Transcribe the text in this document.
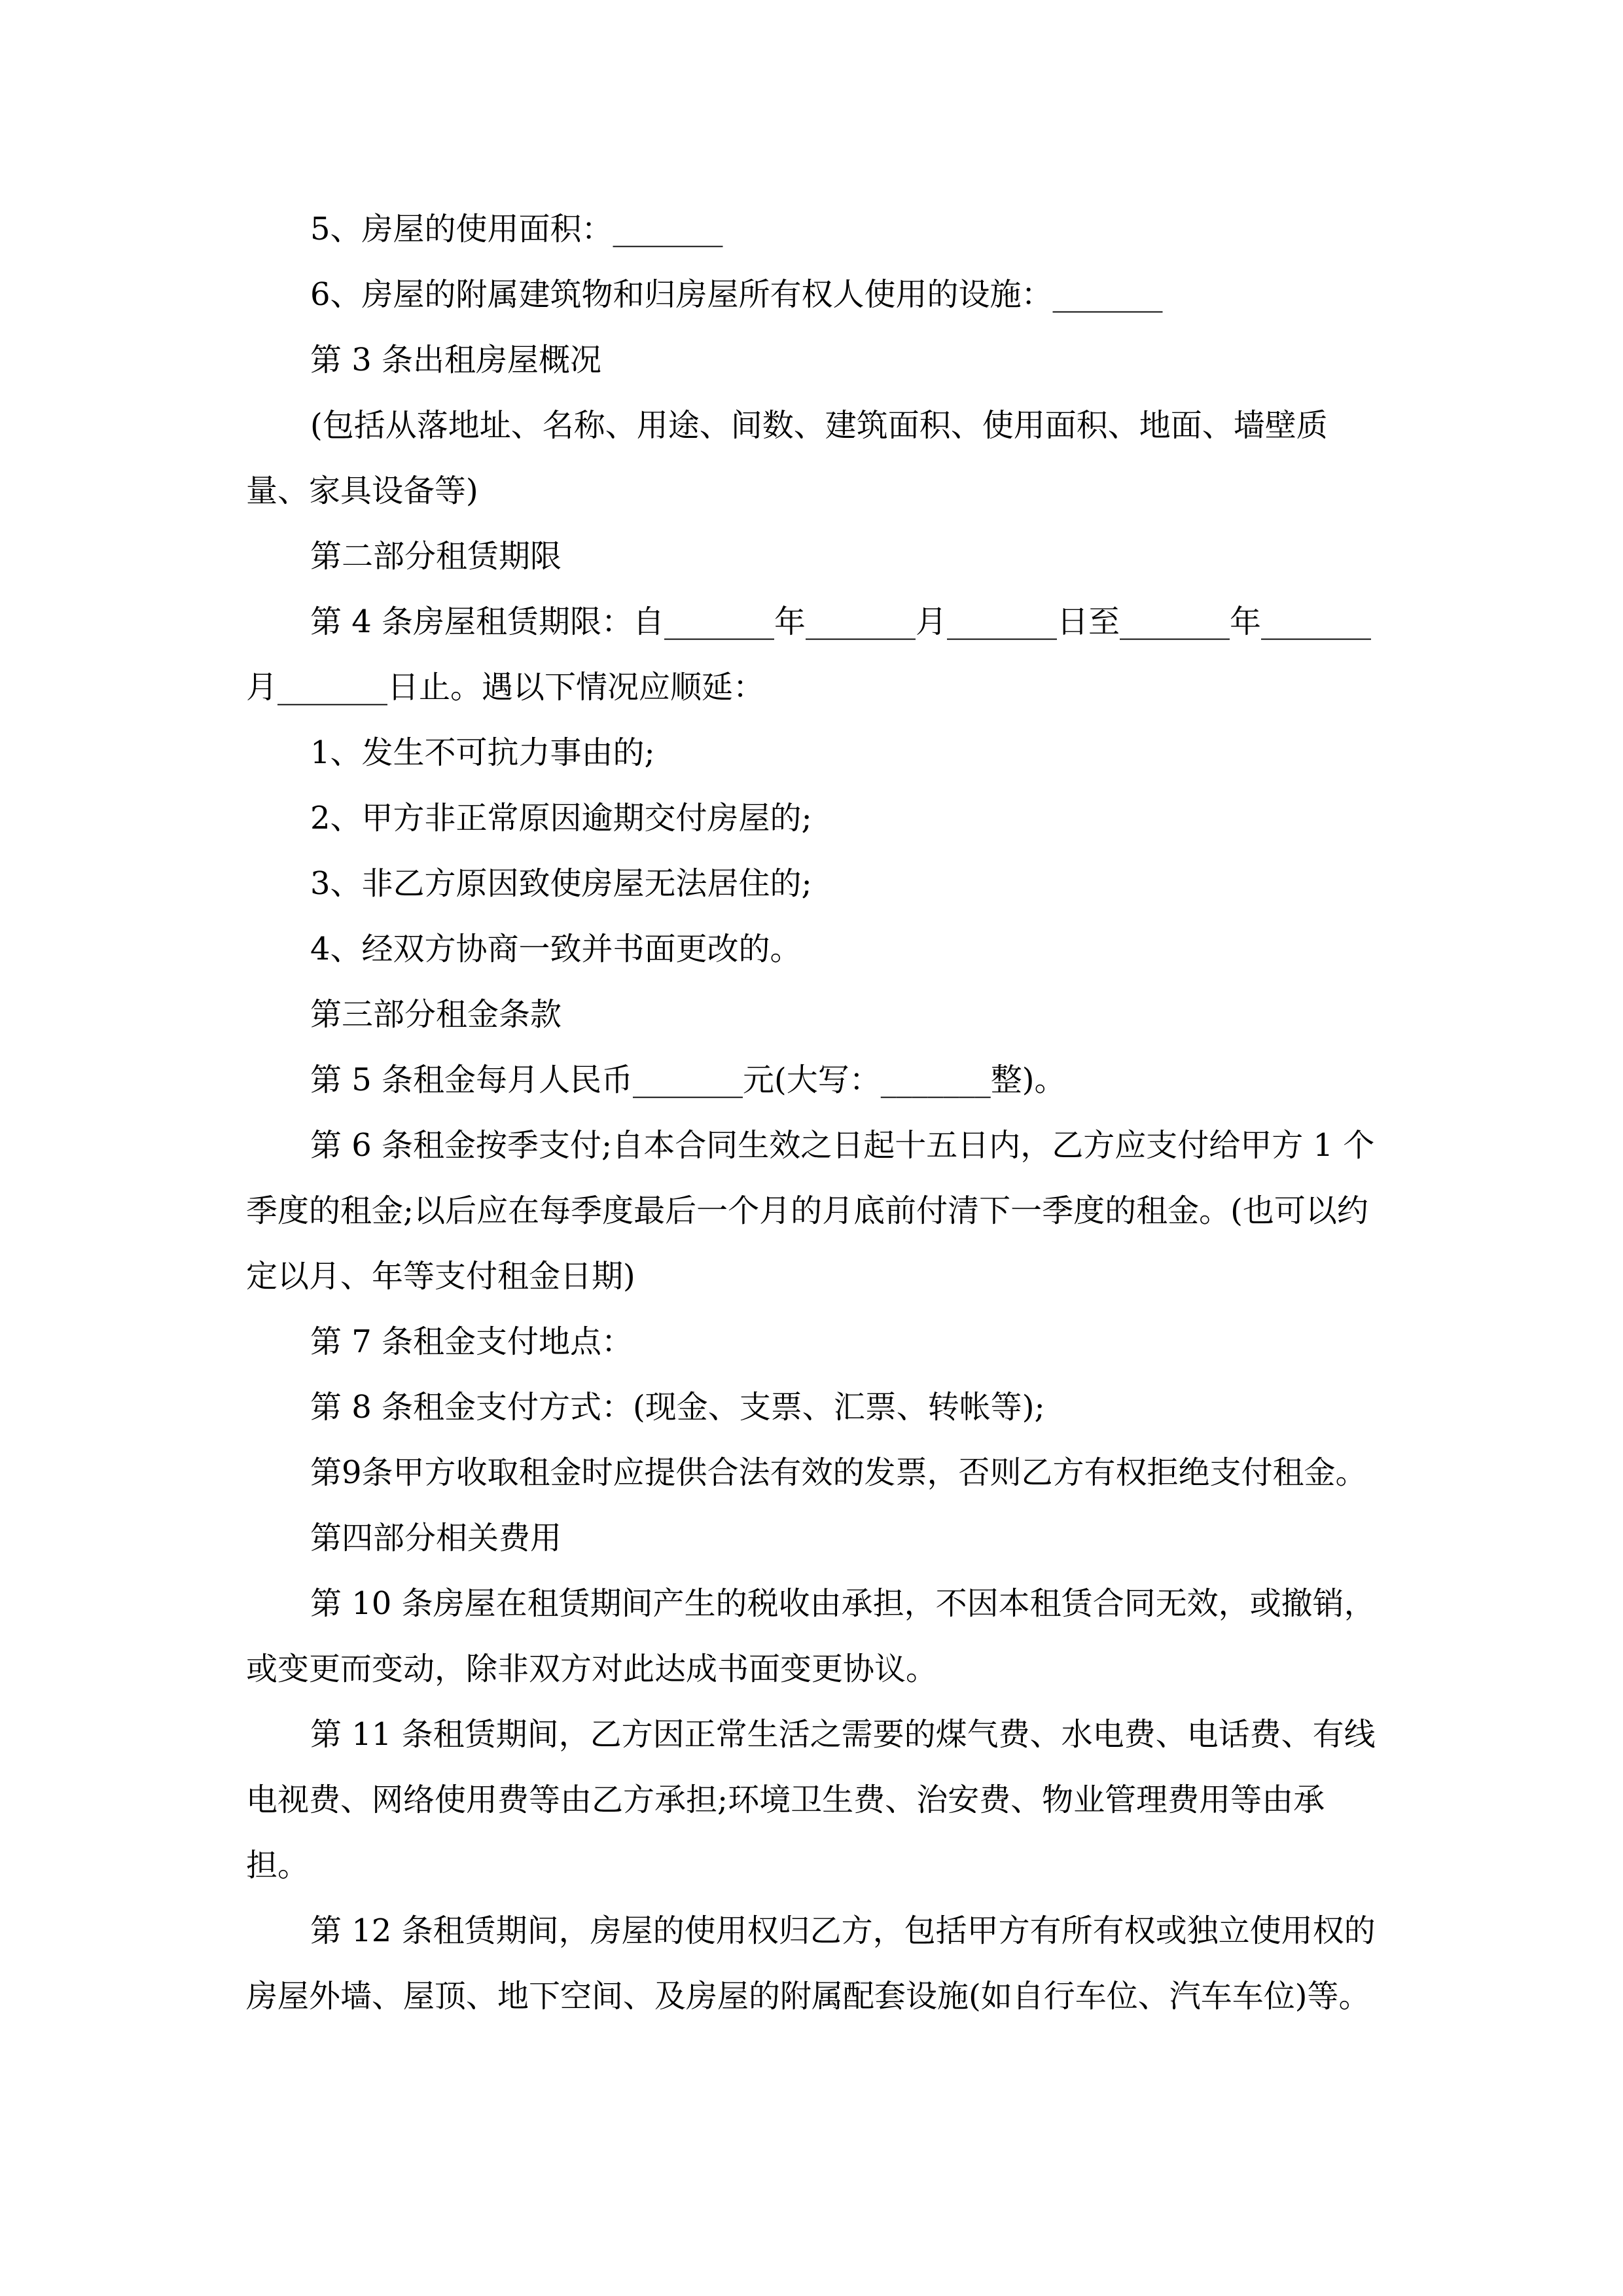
5、房屋的使用面积：_______

6、房屋的附属建筑物和归房屋所有权人使用的设施：_______

第 3 条出租房屋概况

(包括从落地址、名称、用途、间数、建筑面积、使用面积、地面、墙壁质量、家具设备等)

第二部分租赁期限

第 4 条房屋租赁期限：自_______年_______月_______日至_______年_______月_______日止。遇以下情况应顺延：

1、发生不可抗力事由的;

2、甲方非正常原因逾期交付房屋的;

3、非乙方原因致使房屋无法居住的;

4、经双方协商一致并书面更改的。

第三部分租金条款

第 5 条租金每月人民币_______元(大写：_______整)。

第 6 条租金按季支付;自本合同生效之日起十五日内，乙方应支付给甲方 1 个季度的租金;以后应在每季度最后一个月的月底前付清下一季度的租金。(也可以约定以月、年等支付租金日期)

第 7 条租金支付地点：

第 8 条租金支付方式：(现金、支票、汇票、转帐等);

第9条甲方收取租金时应提供合法有效的发票，否则乙方有权拒绝支付租金。

第四部分相关费用

第 10 条房屋在租赁期间产生的税收由承担，不因本租赁合同无效，或撤销，或变更而变动，除非双方对此达成书面变更协议。

第 11 条租赁期间，乙方因正常生活之需要的煤气费、水电费、电话费、有线电视费、网络使用费等由乙方承担;环境卫生费、治安费、物业管理费用等由承担。

第 12 条租赁期间，房屋的使用权归乙方，包括甲方有所有权或独立使用权的房屋外墙、屋顶、地下空间、及房屋的附属配套设施(如自行车位、汽车车位)等。
